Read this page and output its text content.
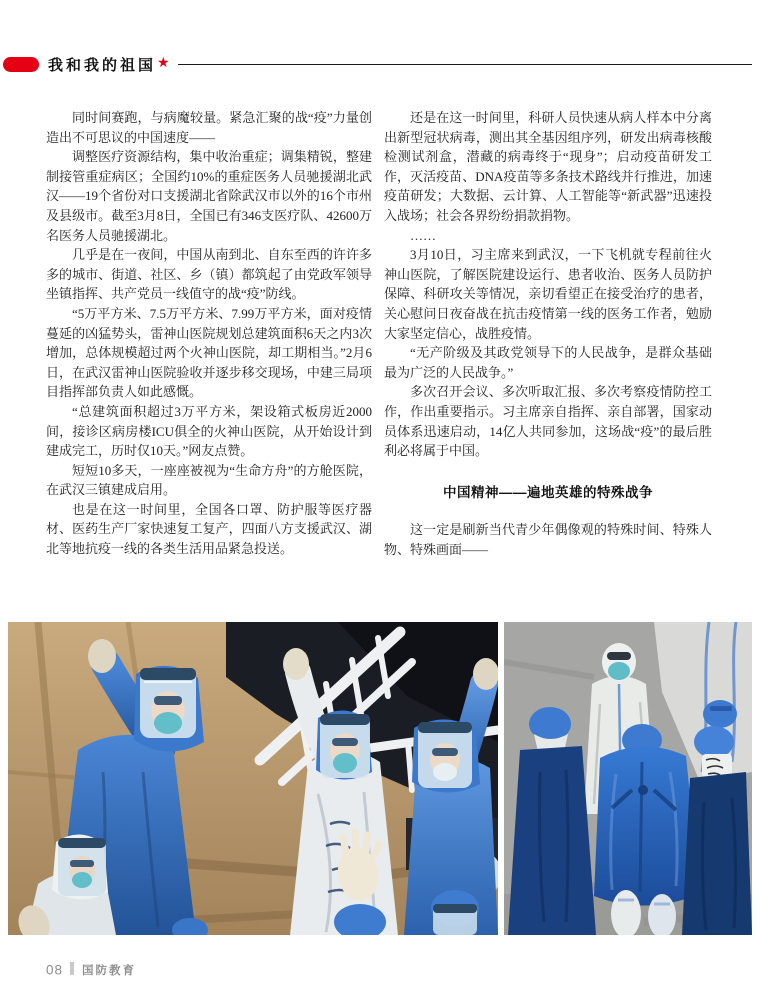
我和我的祖国 ★

同时间赛跑，与病魔较量。紧急汇聚的战“疫”力量创造出不可思议的中国速度——

调整医疗资源结构，集中收治重症；调集精锐，整建制接管重症病区；全国约10%的重症医务人员驰援湖北武汉——19个省份对口支援湖北省除武汉市以外的16个市州及县级市。截至3月8日，全国已有346支医疗队、42600万名医务人员驰援湖北。

几乎是在一夜间，中国从南到北、自东至西的许许多多的城市、街道、社区、乡（镇）都筑起了由党政军领导坐镇指挥、共产党员一线值守的战“疫”防线。

“5万平方米、7.5万平方米、7.99万平方米，面对疫情蔓延的凶猛势头，雷神山医院规划总建筑面积6天之内3次增加，总体规模超过两个火神山医院，却工期相当。”2月6日，在武汉雷神山医院验收并逐步移交现场，中建三局项目指挥部负责人如此感慨。

“总建筑面积超过3万平方米，架设箱式板房近2000间，接诊区病房楼ICU俱全的火神山医院，从开始设计到建成完工，历时仅10天。”网友点赞。

短短10多天，一座座被视为“生命方舟”的方舱医院，在武汉三镇建成启用。

也是在这一时间里，全国各口罩、防护服等医疗器材、医药生产厂家快速复工复产，四面八方支援武汉、湖北等地抗疫一线的各类生活用品紧急投送。

还是在这一时间里，科研人员快速从病人样本中分离出新型冠状病毒，测出其全基因组序列，研发出病毒核酸检测试剂盒，潜藏的病毒终于“现身”；启动疫苗研发工作，灭活疫苗、DNA疫苗等多条技术路线并行推进，加速疫苗研发；大数据、云计算、人工智能等“新武器”迅速投入战场；社会各界纷纷捐款捐物。

……

3月10日，习主席来到武汉，一下飞机就专程前往火神山医院，了解医院建设运行、患者收治、医务人员防护保障、科研攻关等情况，亲切看望正在接受治疗的患者，关心慰问日夜奋战在抗击疫情第一线的医务工作者，勉励大家坚定信心，战胜疫情。

“无产阶级及其政党领导下的人民战争，是群众基础最为广泛的人民战争。”

多次召开会议、多次听取汇报、多次考察疫情防控工作，作出重要指示。习主席亲自指挥、亲自部署，国家动员体系迅速启动，14亿人共同参加，这场战“疫”的最后胜利必将属于中国。

中国精神——遍地英雄的特殊战争

这一定是刷新当代青少年偶像观的特殊时间、特殊人物、特殊画面——

08 国防教育
